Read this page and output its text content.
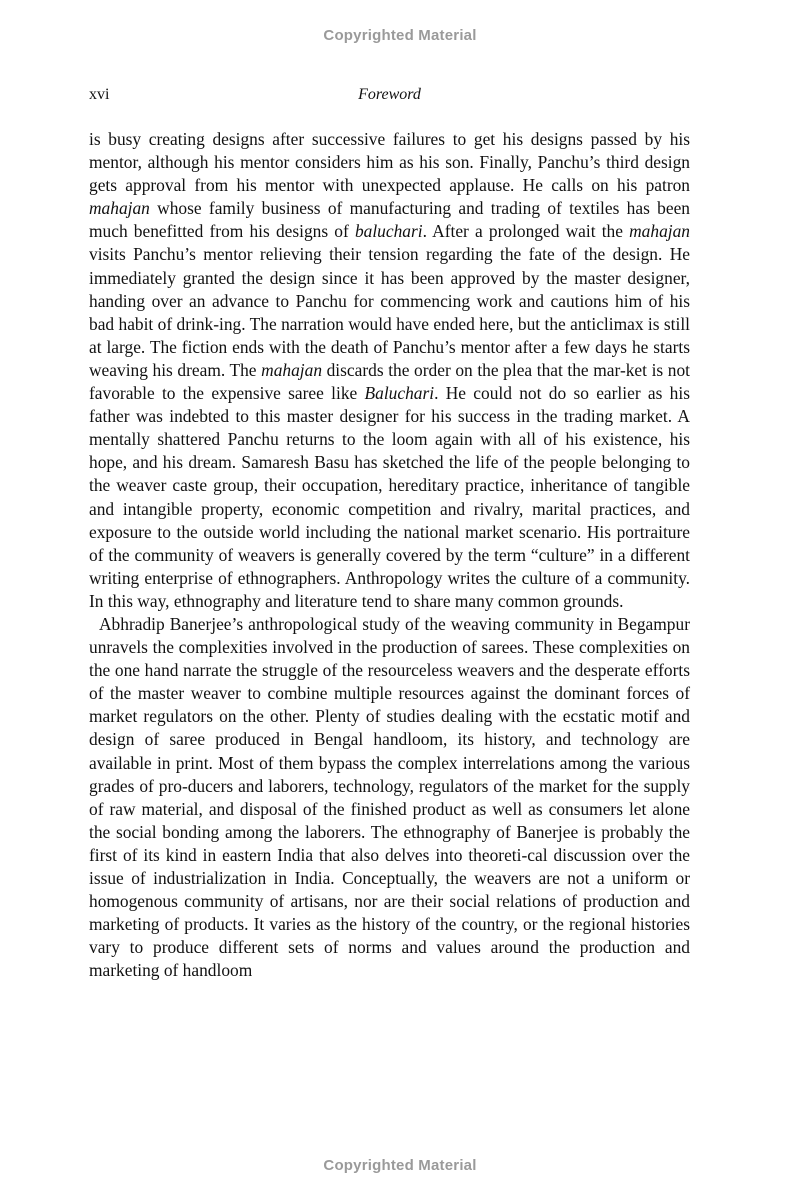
Copyrighted Material
xvi	Foreword

is busy creating designs after successive failures to get his designs passed by his mentor, although his mentor considers him as his son. Finally, Panchu’s third design gets approval from his mentor with unexpected applause. He calls on his patron mahajan whose family business of manufacturing and trading of textiles has been much benefitted from his designs of baluchari. After a prolonged wait the mahajan visits Panchu’s mentor relieving their tension regarding the fate of the design. He immediately granted the design since it has been approved by the master designer, handing over an advance to Panchu for commencing work and cautions him of his bad habit of drink-ing. The narration would have ended here, but the anticlimax is still at large. The fiction ends with the death of Panchu’s mentor after a few days he starts weaving his dream. The mahajan discards the order on the plea that the mar-ket is not favorable to the expensive saree like Baluchari. He could not do so earlier as his father was indebted to this master designer for his success in the trading market. A mentally shattered Panchu returns to the loom again with all of his existence, his hope, and his dream. Samaresh Basu has sketched the life of the people belonging to the weaver caste group, their occupation, hereditary practice, inheritance of tangible and intangible property, economic competition and rivalry, marital practices, and exposure to the outside world including the national market scenario. His portraiture of the community of weavers is generally covered by the term “culture” in a different writing enterprise of ethnographers. Anthropology writes the culture of a community. In this way, ethnography and literature tend to share many common grounds.

Abhradip Banerjee’s anthropological study of the weaving community in Begampur unravels the complexities involved in the production of sarees. These complexities on the one hand narrate the struggle of the resourceless weavers and the desperate efforts of the master weaver to combine multiple resources against the dominant forces of market regulators on the other. Plenty of studies dealing with the ecstatic motif and design of saree produced in Bengal handloom, its history, and technology are available in print. Most of them bypass the complex interrelations among the various grades of pro-ducers and laborers, technology, regulators of the market for the supply of raw material, and disposal of the finished product as well as consumers let alone the social bonding among the laborers. The ethnography of Banerjee is probably the first of its kind in eastern India that also delves into theoreti-cal discussion over the issue of industrialization in India. Conceptually, the weavers are not a uniform or homogenous community of artisans, nor are their social relations of production and marketing of products. It varies as the history of the country, or the regional histories vary to produce different sets of norms and values around the production and marketing of handloom

Copyrighted Material
